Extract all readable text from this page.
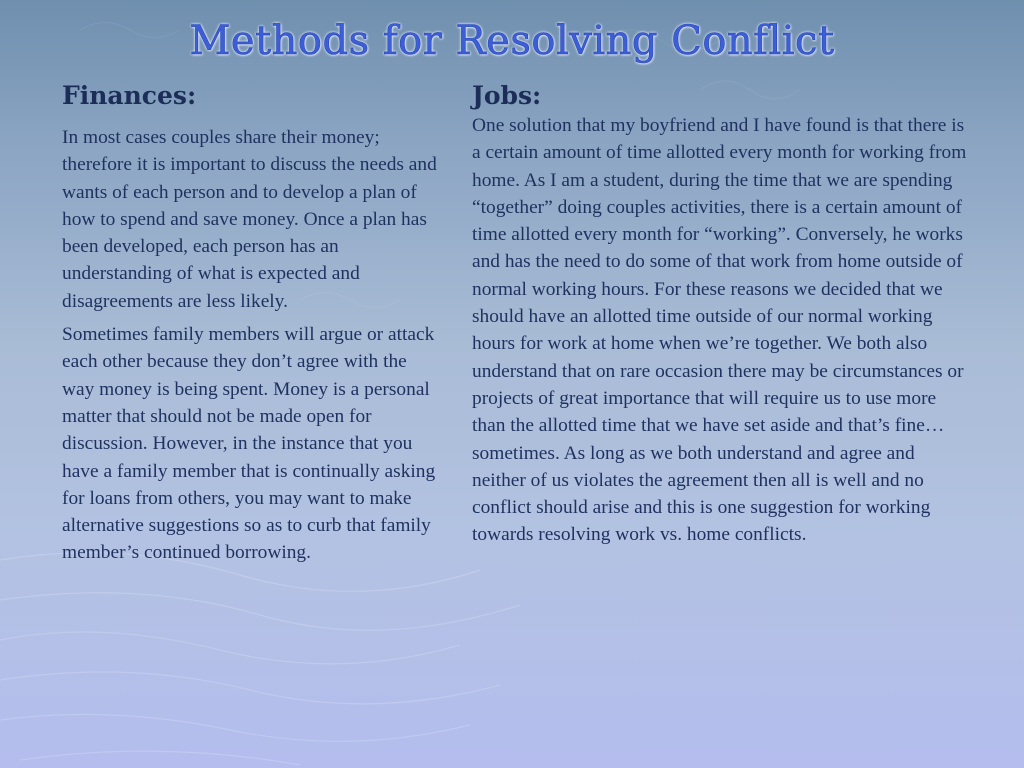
Methods for Resolving Conflict
Finances:

In most cases couples share their money; therefore it is important to discuss the needs and wants of each person and to develop a plan of how to spend and save money. Once a plan has been developed, each person has an understanding of what is expected and disagreements are less likely.

Sometimes family members will argue or attack each other because they don’t agree with the way money is being spent. Money is a personal matter that should not be made open for discussion. However, in the instance that you have a family member that is continually asking for loans from others, you may want to make alternative suggestions so as to curb that family member’s continued borrowing.

Jobs:

One solution that my boyfriend and I have found is that there is a certain amount of time allotted every month for working from home. As I am a student, during the time that we are spending “together” doing couples activities, there is a certain amount of time allotted every month for “working”. Conversely, he works and has the need to do some of that work from home outside of normal working hours. For these reasons we decided that we should have an allotted time outside of our normal working hours for work at home when we’re together. We both also understand that on rare occasion there may be circumstances or projects of great importance that will require us to use more than the allotted time that we have set aside and that’s fine… sometimes. As long as we both understand and agree and neither of us violates the agreement then all is well and no conflict should arise and this is one suggestion for working towards resolving work vs. home conflicts.
